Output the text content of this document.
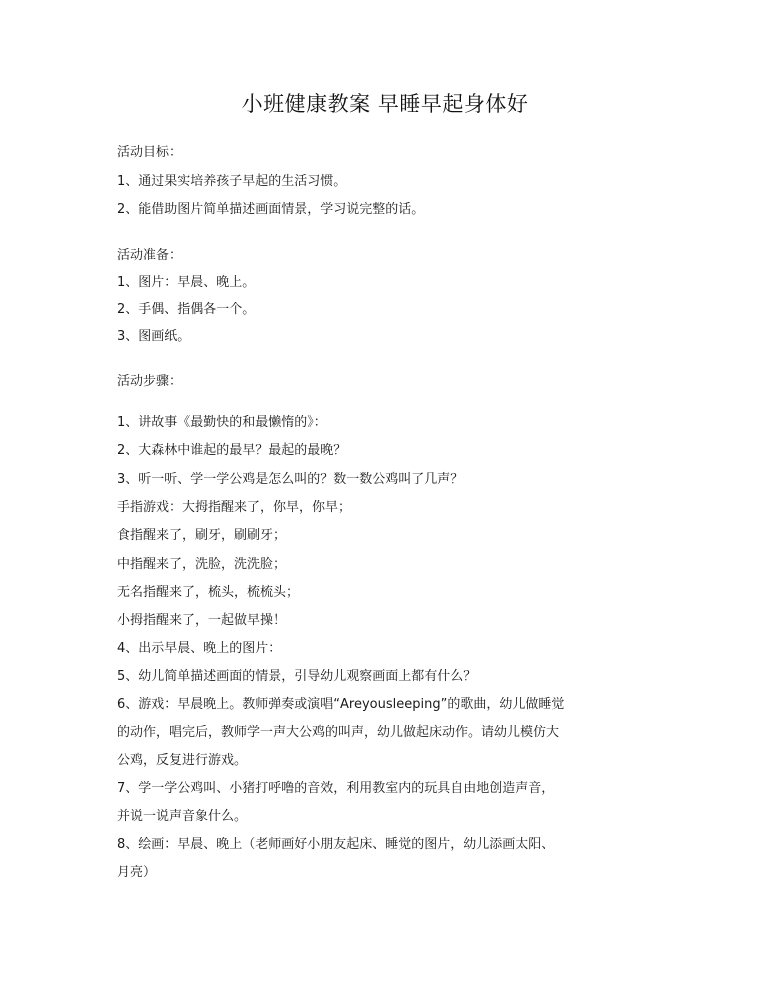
小班健康教案 早睡早起身体好
活动目标：
1、通过果实培养孩子早起的生活习惯。
2、能借助图片简单描述画面情景，学习说完整的话。
活动准备：
1、图片：早晨、晚上。
2、手偶、指偶各一个。
3、图画纸。
活动步骤：
1、讲故事《最勤快的和最懒惰的》：
2、大森林中谁起的最早？最起的最晚？
3、听一听、学一学公鸡是怎么叫的？数一数公鸡叫了几声？
手指游戏：大拇指醒来了，你早，你早；
食指醒来了，刷牙，刷刷牙；
中指醒来了，洗脸，洗洗脸；
无名指醒来了，梳头，梳梳头；
小拇指醒来了，一起做早操！
4、出示早晨、晚上的图片：
5、幼儿简单描述画面的情景，引导幼儿观察画面上都有什么？
6、游戏：早晨晚上。教师弹奏或演唱“Areyousleeping”的歌曲，幼儿做睡觉
的动作，唱完后，教师学一声大公鸡的叫声，幼儿做起床动作。请幼儿模仿大
公鸡，反复进行游戏。
7、学一学公鸡叫、小猪打呼噜的音效，利用教室内的玩具自由地创造声音，
并说一说声音象什么。
8、绘画：早晨、晚上（老师画好小朋友起床、睡觉的图片，幼儿添画太阳、
月亮）
